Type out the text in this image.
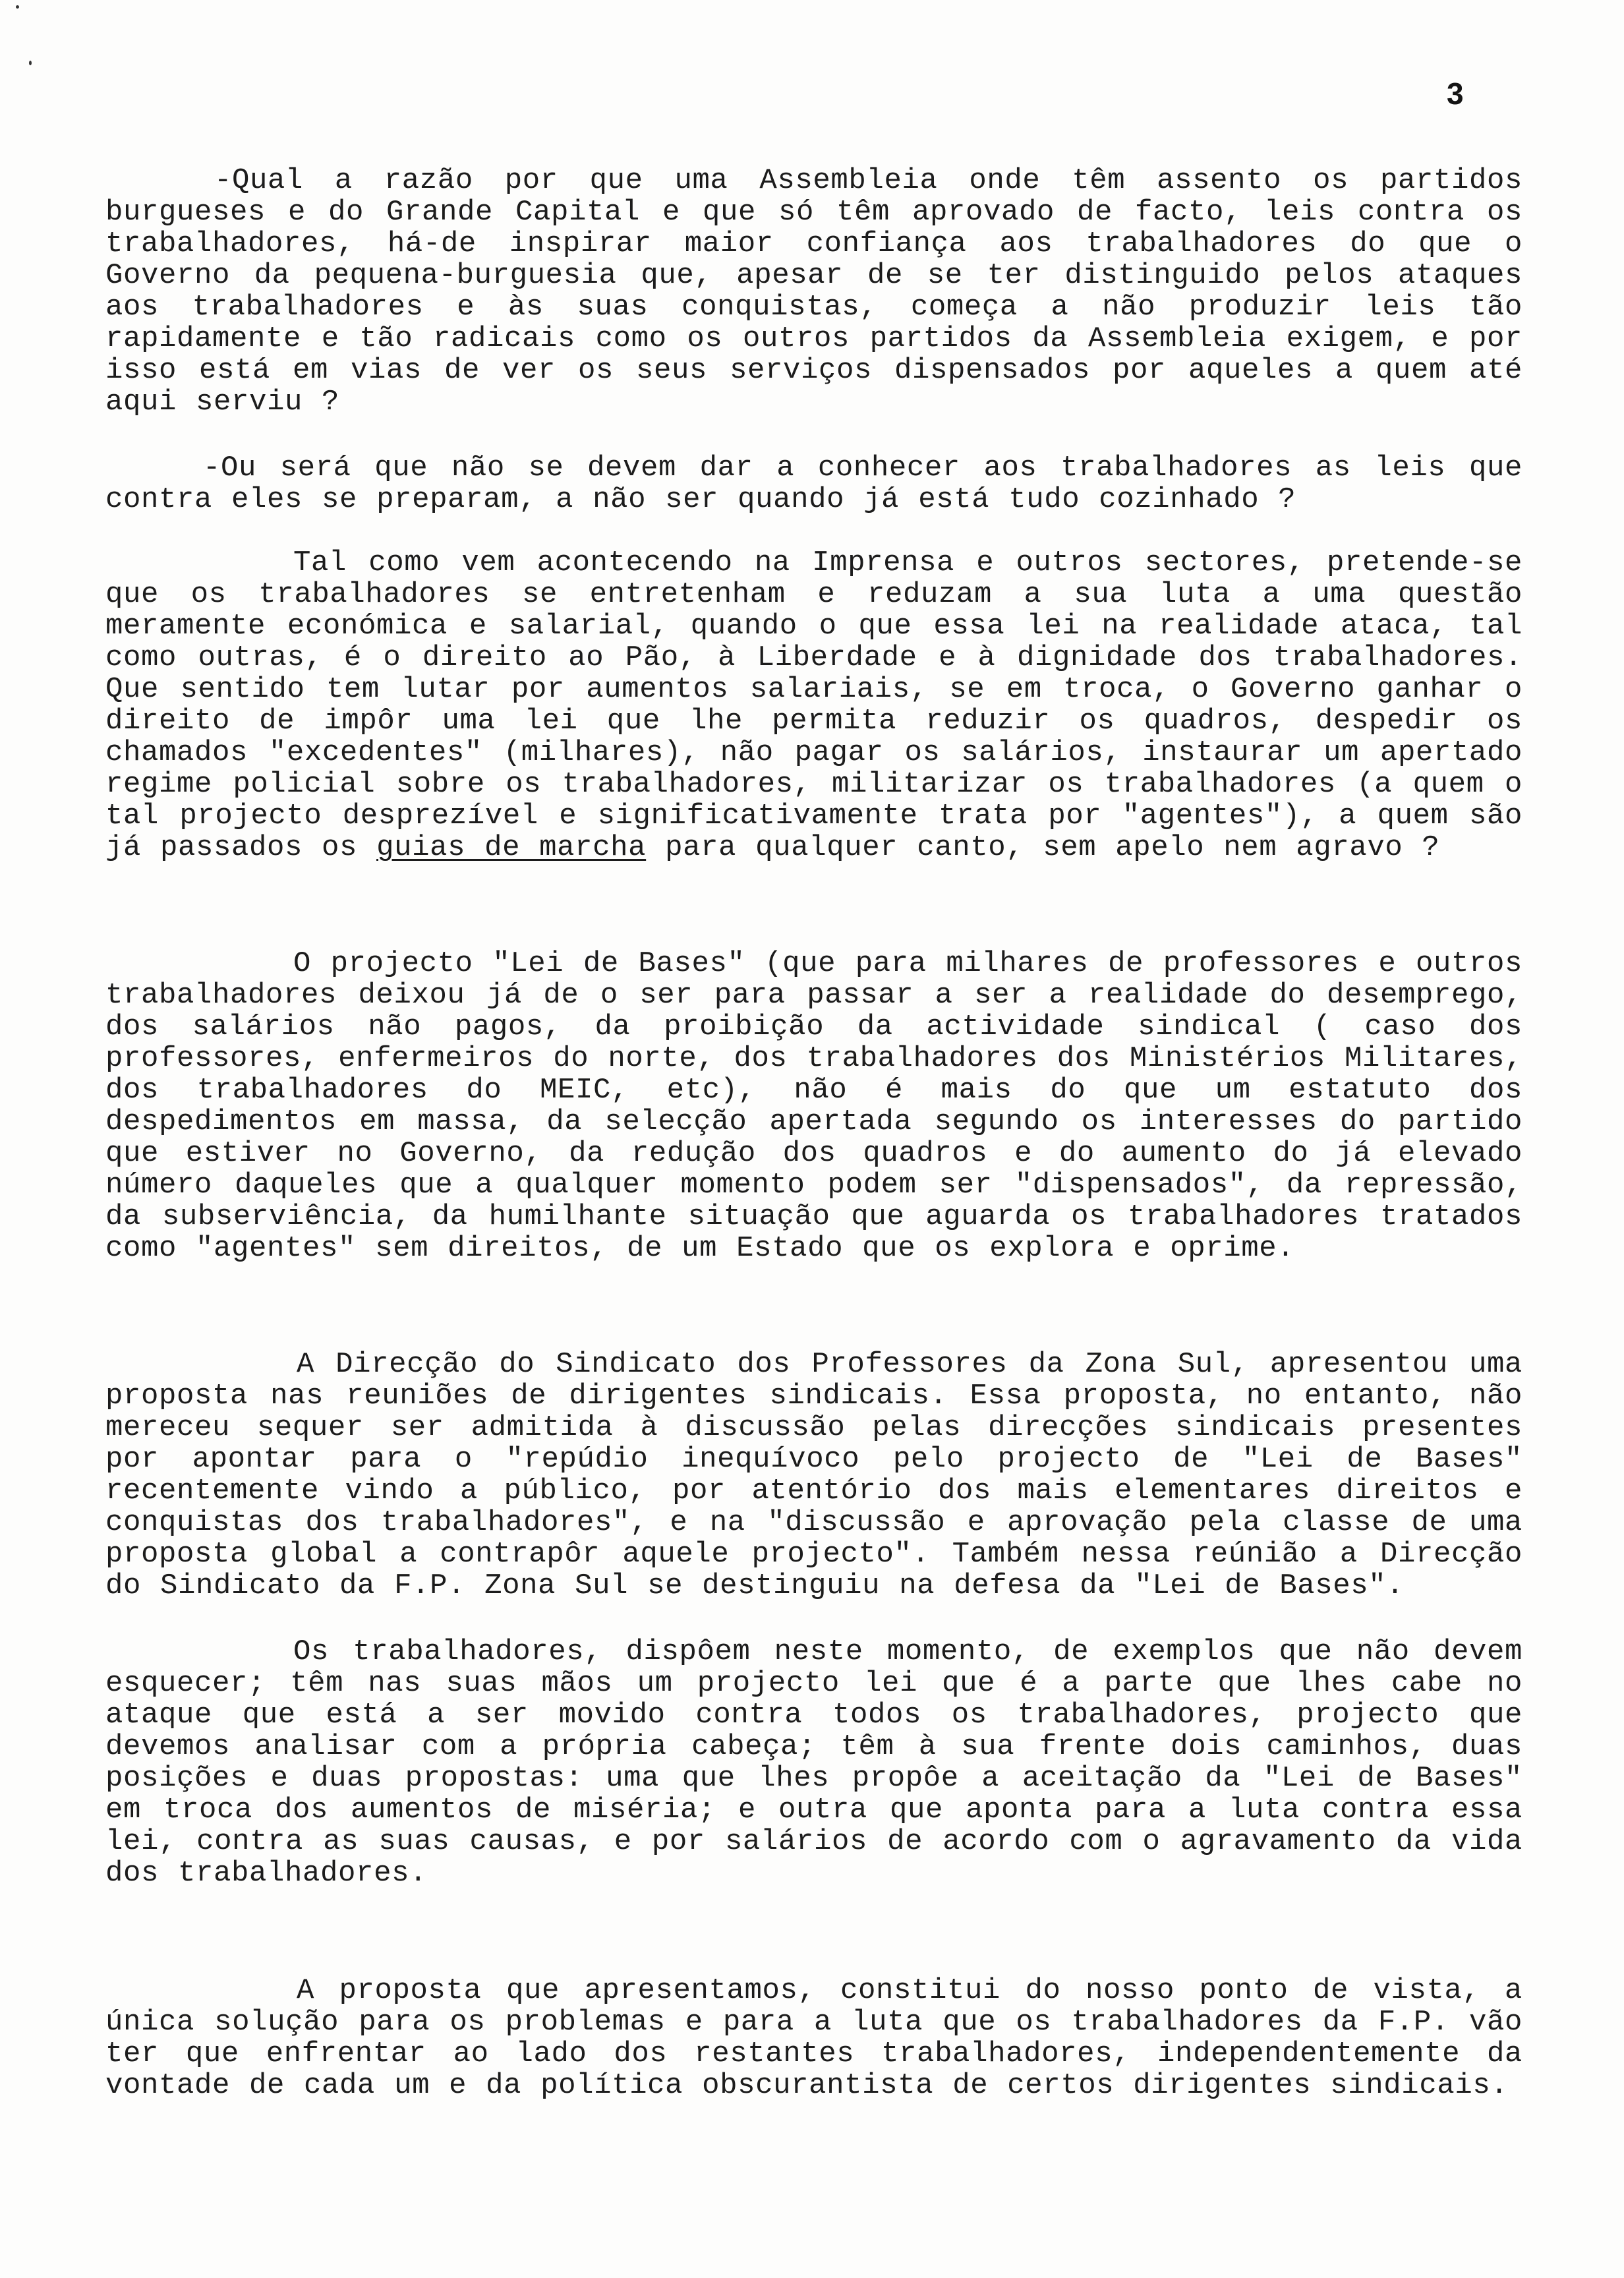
3

-Qual a razão por que uma Assembleia onde têm assento os partidos burgueses e do Grande Capital e que só têm aprovado de facto, leis contra os trabalhadores, há-de inspirar maior confiança aos trabalhadores do que o Governo da pequena-burguesia que, apesar de se ter distinguido pelos ataques aos trabalhadores e às suas conquistas, começa a não produzir leis tão rapidamente e tão radicais como os outros partidos da Assembleia exigem, e por isso está em vias de ver os seus serviços dispensados por aqueles a quem até aqui serviu ?

-Ou será que não se devem dar a conhecer aos trabalhadores as leis que contra eles se preparam, a não ser quando já está tudo cozinhado ?

Tal como vem acontecendo na Imprensa e outros sectores, pretende-se que os trabalhadores se entretenham e reduzam a sua luta a uma questão meramente económica e salarial, quando o que essa lei na realidade ataca, tal como outras, é o direito ao Pão, à Liberdade e à dignidade dos trabalhadores. Que sentido tem lutar por aumentos salariais, se em troca, o Governo ganhar o direito de impôr uma lei que lhe permita reduzir os quadros, despedir os chamados "excedentes" (milhares), não pagar os salários, instaurar um apertado regime policial sobre os trabalhadores, militarizar os trabalhadores (a quem o tal projecto desprezível e significativamente trata por "agentes"), a quem são já passados os guias de marcha para qualquer canto, sem apelo nem agravo ?

O projecto "Lei de Bases" (que para milhares de professores e outros trabalhadores deixou já de o ser para passar a ser a realidade do desemprego, dos salários não pagos, da proibição da actividade sindical ( caso dos professores, enfermeiros do norte, dos trabalhadores dos Ministérios Militares, dos trabalhadores do MEIC, etc), não é mais do que um estatuto dos despedimentos em massa, da selecção apertada segundo os interesses do partido que estiver no Governo, da redução dos quadros e do aumento do já elevado número daqueles que a qualquer momento podem ser "dispensados", da repressão, da subserviência, da humilhante situação que aguarda os trabalhadores tratados como "agentes" sem direitos, de um Estado que os explora e oprime.

A Direcção do Sindicato dos Professores da Zona Sul, apresentou uma proposta nas reuniões de dirigentes sindicais. Essa proposta, no entanto, não mereceu sequer ser admitida à discussão pelas direcções sindicais presentes por apontar para o "repúdio inequívoco pelo projecto de "Lei de Bases" recentemente vindo a público, por atentório dos mais elementares direitos e conquistas dos trabalhadores", e na "discussão e aprovação pela classe de uma proposta global a contrapôr aquele projecto". Também nessa reúnião a Direcção do Sindicato da F.P. Zona Sul se destinguiu na defesa da "Lei de Bases".

Os trabalhadores, dispôem neste momento, de exemplos que não devem esquecer; têm nas suas mãos um projecto lei que é a parte que lhes cabe no ataque que está a ser movido contra todos os trabalhadores, projecto que devemos analisar com a própria cabeça; têm à sua frente dois caminhos, duas posições e duas propostas: uma que lhes propôe a aceitação da "Lei de Bases" em troca dos aumentos de miséria; e outra que aponta para a luta contra essa lei, contra as suas causas, e por salários de acordo com o agravamento da vida dos trabalhadores.

A proposta que apresentamos, constitui do nosso ponto de vista, a única solução para os problemas e para a luta que os trabalhadores da F.P. vão ter que enfrentar ao lado dos restantes trabalhadores, independentemente da vontade de cada um e da política obscurantista de certos dirigentes sindicais.
